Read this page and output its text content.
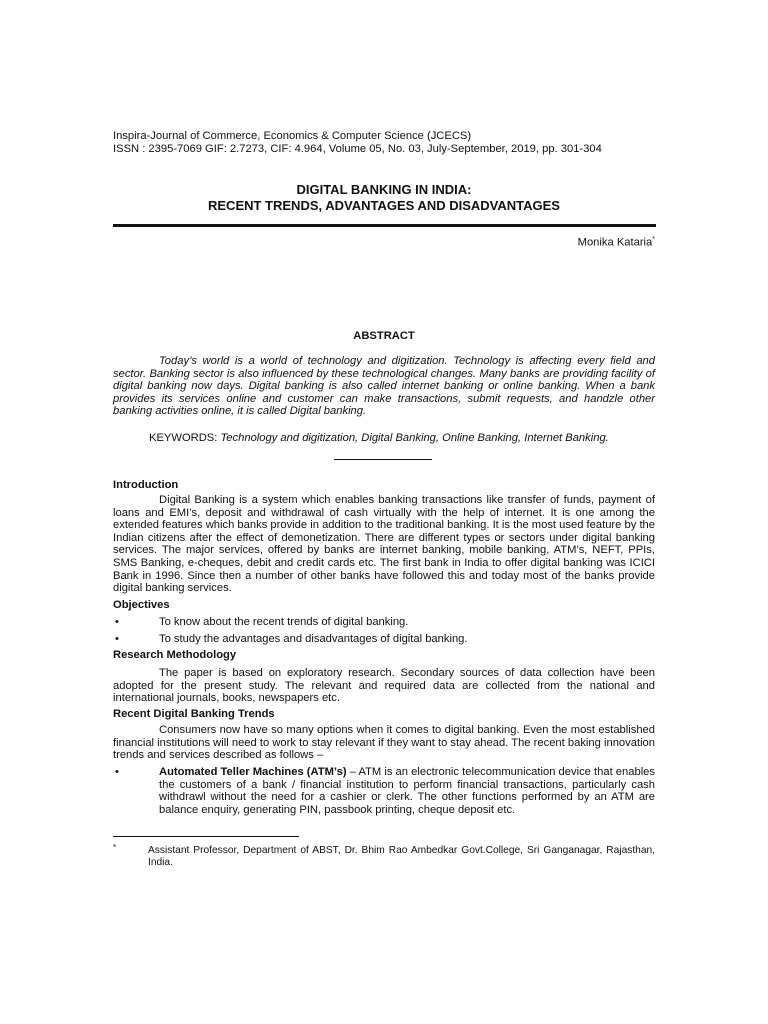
Inspira-Journal of Commerce, Economics & Computer Science (JCECS)
ISSN : 2395-7069 GIF: 2.7273, CIF: 4.964, Volume 05, No. 03, July-September, 2019, pp. 301-304
DIGITAL BANKING IN INDIA:
RECENT TRENDS, ADVANTAGES AND DISADVANTAGES
Monika Kataria*
ABSTRACT
Today’s world is a world of technology and digitization. Technology is affecting every field and sector. Banking sector is also influenced by these technological changes. Many banks are providing facility of digital banking now days. Digital banking is also called internet banking or online banking. When a bank provides its services online and customer can make transactions, submit requests, and handzle other banking activities online, it is called Digital banking.
KEYWORDS: Technology and digitization, Digital Banking, Online Banking, Internet Banking.
Introduction
Digital Banking is a system which enables banking transactions like transfer of funds, payment of loans and EMI’s, deposit and withdrawal of cash virtually with the help of internet. It is one among the extended features which banks provide in addition to the traditional banking. It is the most used feature by the Indian citizens after the effect of demonetization. There are different types or sectors under digital banking services. The major services, offered by banks are internet banking, mobile banking, ATM’s, NEFT, PPIs, SMS Banking, e-cheques, debit and credit cards etc. The first bank in India to offer digital banking was ICICI Bank in 1996. Since then a number of other banks have followed this and today most of the banks provide digital banking services.
Objectives
•	To know about the recent trends of digital banking.
•	To study the advantages and disadvantages of digital banking.
Research Methodology
The paper is based on exploratory research. Secondary sources of data collection have been adopted for the present study. The relevant and required data are collected from the national and international journals, books, newspapers etc.
Recent Digital Banking Trends
Consumers now have so many options when it comes to digital banking. Even the most established financial institutions will need to work to stay relevant if they want to stay ahead. The recent baking innovation trends and services described as follows –
•	Automated Teller Machines (ATM’s) – ATM is an electronic telecommunication device that enables the customers of a bank / financial institution to perform financial transactions, particularly cash withdrawl without the need for a cashier or clerk. The other functions performed by an ATM are balance enquiry, generating PIN, passbook printing, cheque deposit etc.
*	Assistant Professor, Department of ABST, Dr. Bhim Rao Ambedkar Govt.College, Sri Ganganagar, Rajasthan, India.
